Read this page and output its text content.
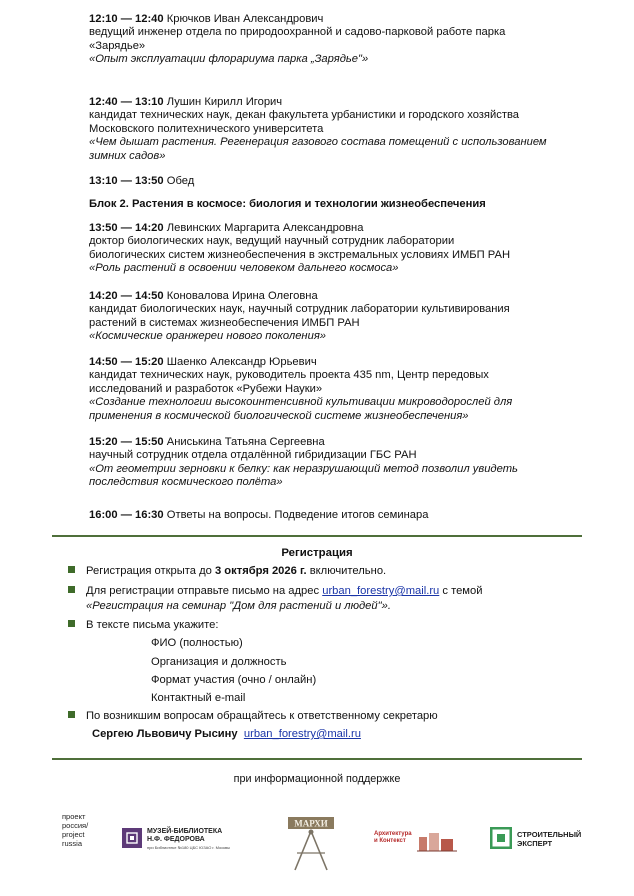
12:10 — 12:40 Крючков Иван Александрович
ведущий инженер отдела по природоохранной и садово-парковой работе парка
«Зарядье»
«Опыт эксплуатации флорариума парка „Зарядье"»
12:40 — 13:10 Лушин Кирилл Игорич
кандидат технических наук, декан факультета урбанистики и городского хозяйства
Московского политехнического университета
«Чем дышат растения. Регенерация газового состава помещений с использованием
зимних садов»
13:10 — 13:50 Обед
Блок 2. Растения в космосе: биология и технологии жизнеобеспечения
13:50 — 14:20 Левинских Маргарита Александровна
доктор биологических наук, ведущий научный сотрудник лаборатории
биологических систем жизнеобеспечения в экстремальных условиях ИМБП РАН
«Роль растений в освоении человеком дальнего космоса»
14:20 — 14:50 Коновалова Ирина Олеговна
кандидат биологических наук, научный сотрудник лаборатории культивирования
растений в системах жизнеобеспечения ИМБП РАН
«Космические оранжереи нового поколения»
14:50 — 15:20 Шаенко Александр Юрьевич
кандидат технических наук, руководитель проекта 435 nm, Центр передовых
исследований и разработок «Рубежи Науки»
«Создание технологии высокоинтенсивной культивации микроводорослей для
применения в космической биологической системе жизнеобеспечения»
15:20 — 15:50 Аниськина Татьяна Сергеевна
научный сотрудник отдела отдалённой гибридизации ГБС РАН
«От геометрии зерновки к белку: как неразрушающий метод позволил увидеть
последствия космического полёта»
16:00 — 16:30 Ответы на вопросы. Подведение итогов семинара
Регистрация
Регистрация открыта до 3 октября 2026 г. включительно.
Для регистрации отправьте письмо на адрес urban_forestry@mail.ru с темой
«Регистрация на семинар "Дом для растений и людей"».
В тексте письма укажите:
ФИО (полностью)
Организация и должность
Формат участия (очно / онлайн)
Контактный e-mail
По возникшим вопросам обращайтесь к ответственному секретарю
Сергею Львовичу Рысину urban_forestry@mail.ru
при информационной поддержке
проект
россия/
project
russia
МУЗЕЙ-БИБЛИОТЕКА
Н.Ф. ФЕДОРОВА
при Библиотеке №180 ЦБС ЮЗАО г. Москвы
МАРХИ
Архитектура
и Контекст
СТРОИТЕЛЬНЫЙ
ЭКСПЕРТ
